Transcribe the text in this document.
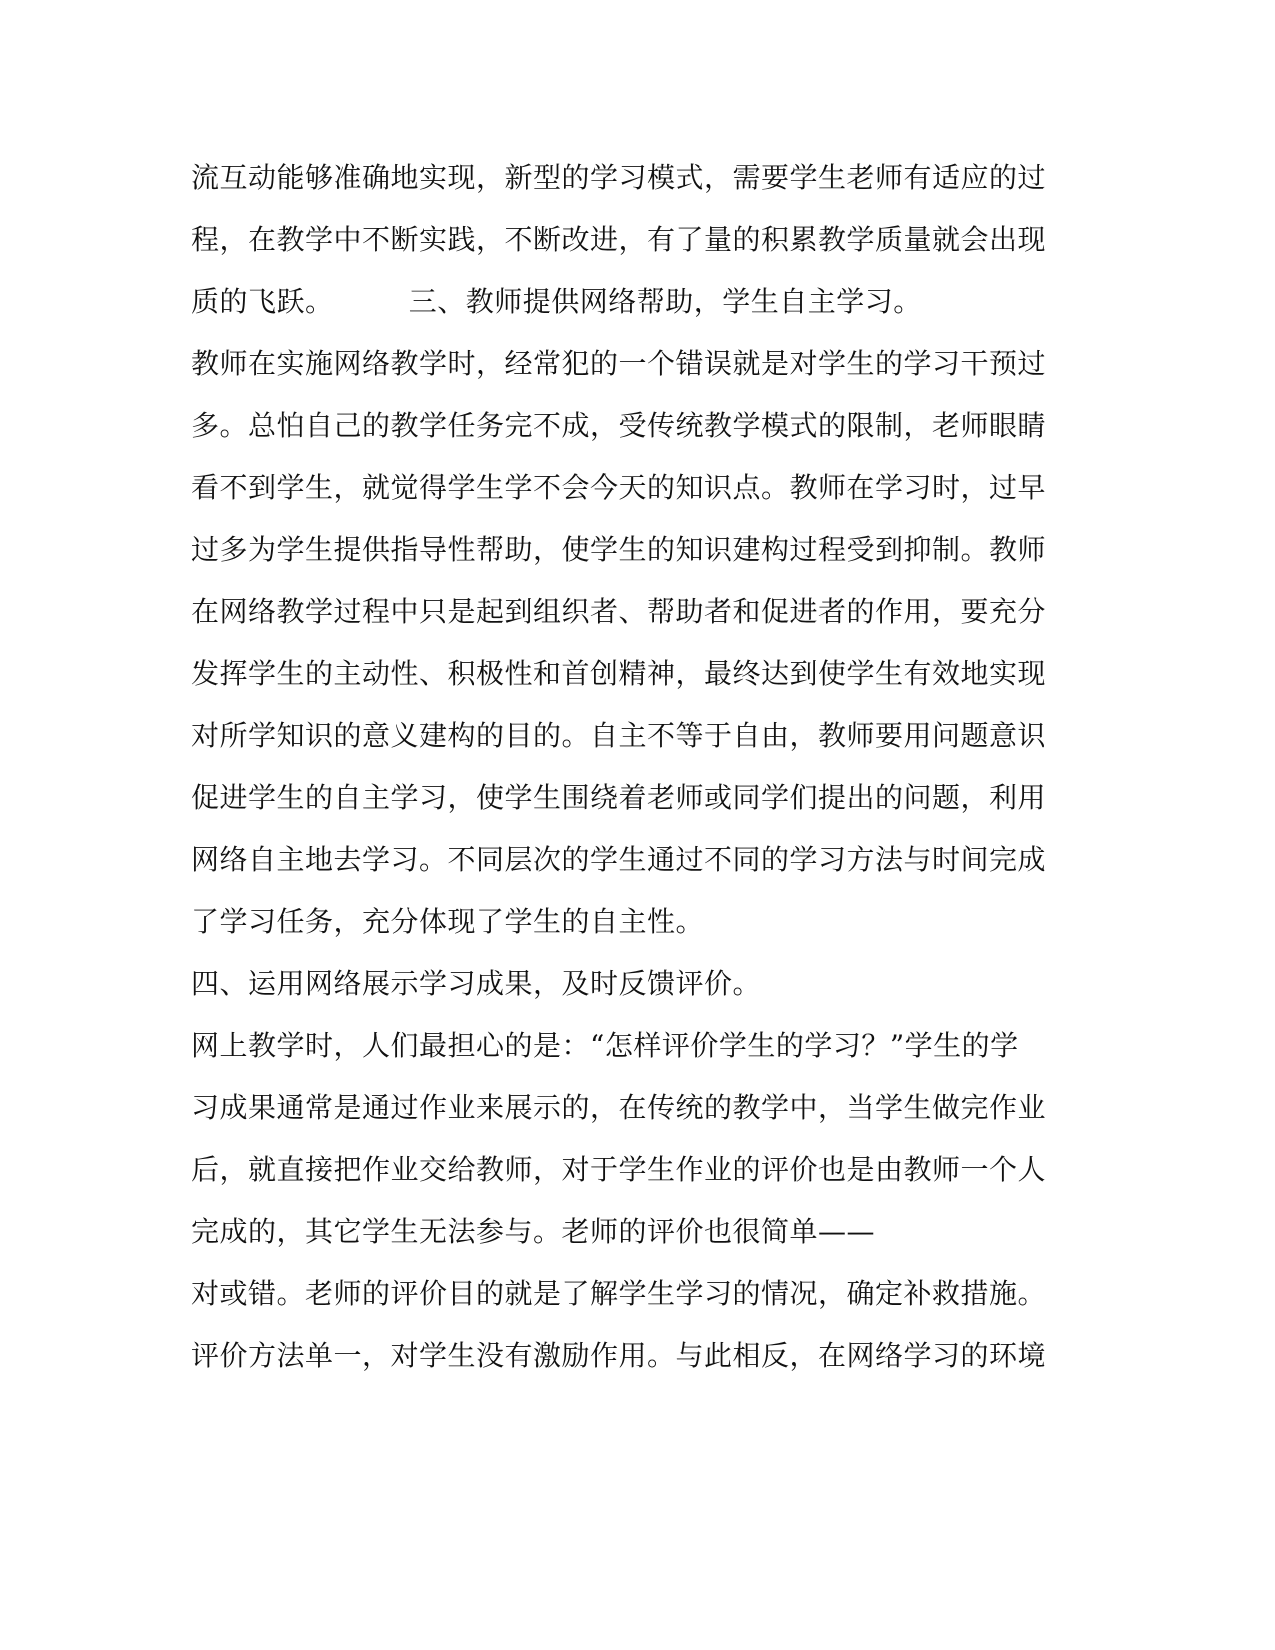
流互动能够准确地实现，新型的学习模式，需要学生老师有适应的过
程，在教学中不断实践，不断改进，有了量的积累教学质量就会出现
质的飞跃。        三、教师提供网络帮助，学生自主学习。
教师在实施网络教学时，经常犯的一个错误就是对学生的学习干预过
多。总怕自己的教学任务完不成，受传统教学模式的限制，老师眼睛
看不到学生，就觉得学生学不会今天的知识点。教师在学习时，过早
过多为学生提供指导性帮助，使学生的知识建构过程受到抑制。教师
在网络教学过程中只是起到组织者、帮助者和促进者的作用，要充分
发挥学生的主动性、积极性和首创精神，最终达到使学生有效地实现
对所学知识的意义建构的目的。自主不等于自由，教师要用问题意识
促进学生的自主学习，使学生围绕着老师或同学们提出的问题，利用
网络自主地去学习。不同层次的学生通过不同的学习方法与时间完成
了学习任务，充分体现了学生的自主性。
四、运用网络展示学习成果，及时反馈评价。
网上教学时，人们最担心的是：“怎样评价学生的学习？”学生的学
习成果通常是通过作业来展示的，在传统的教学中，当学生做完作业
后，就直接把作业交给教师，对于学生作业的评价也是由教师一个人
完成的，其它学生无法参与。老师的评价也很简单——
对或错。老师的评价目的就是了解学生学习的情况，确定补救措施。
评价方法单一，对学生没有激励作用。与此相反，在网络学习的环境
